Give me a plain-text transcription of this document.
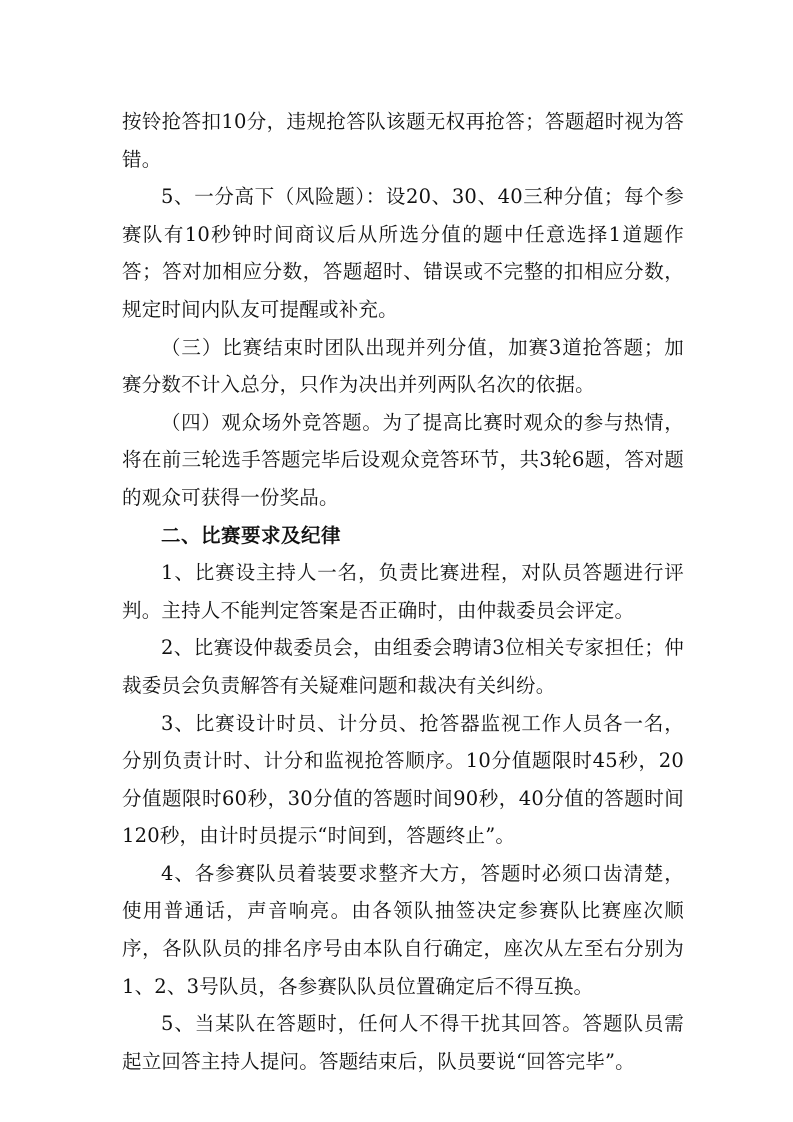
按铃抢答扣10分，违规抢答队该题无权再抢答；答题超时视为答错。

5、一分高下（风险题）：设20、30、40三种分值；每个参赛队有10秒钟时间商议后从所选分值的题中任意选择1道题作答；答对加相应分数，答题超时、错误或不完整的扣相应分数，规定时间内队友可提醒或补充。

（三）比赛结束时团队出现并列分值，加赛3道抢答题；加赛分数不计入总分，只作为决出并列两队名次的依据。

（四）观众场外竞答题。为了提高比赛时观众的参与热情，将在前三轮选手答题完毕后设观众竞答环节，共3轮6题，答对题的观众可获得一份奖品。

二、比赛要求及纪律

1、比赛设主持人一名，负责比赛进程，对队员答题进行评判。主持人不能判定答案是否正确时，由仲裁委员会评定。

2、比赛设仲裁委员会，由组委会聘请3位相关专家担任；仲裁委员会负责解答有关疑难问题和裁决有关纠纷。

3、比赛设计时员、计分员、抢答器监视工作人员各一名，分别负责计时、计分和监视抢答顺序。10分值题限时45秒，20分值题限时60秒，30分值的答题时间90秒，40分值的答题时间120秒，由计时员提示“时间到，答题终止”。

4、各参赛队员着装要求整齐大方，答题时必须口齿清楚，使用普通话，声音响亮。由各领队抽签决定参赛队比赛座次顺序，各队队员的排名序号由本队自行确定，座次从左至右分别为1、2、3号队员，各参赛队队员位置确定后不得互换。

5、当某队在答题时，任何人不得干扰其回答。答题队员需起立回答主持人提问。答题结束后，队员要说“回答完毕”。
